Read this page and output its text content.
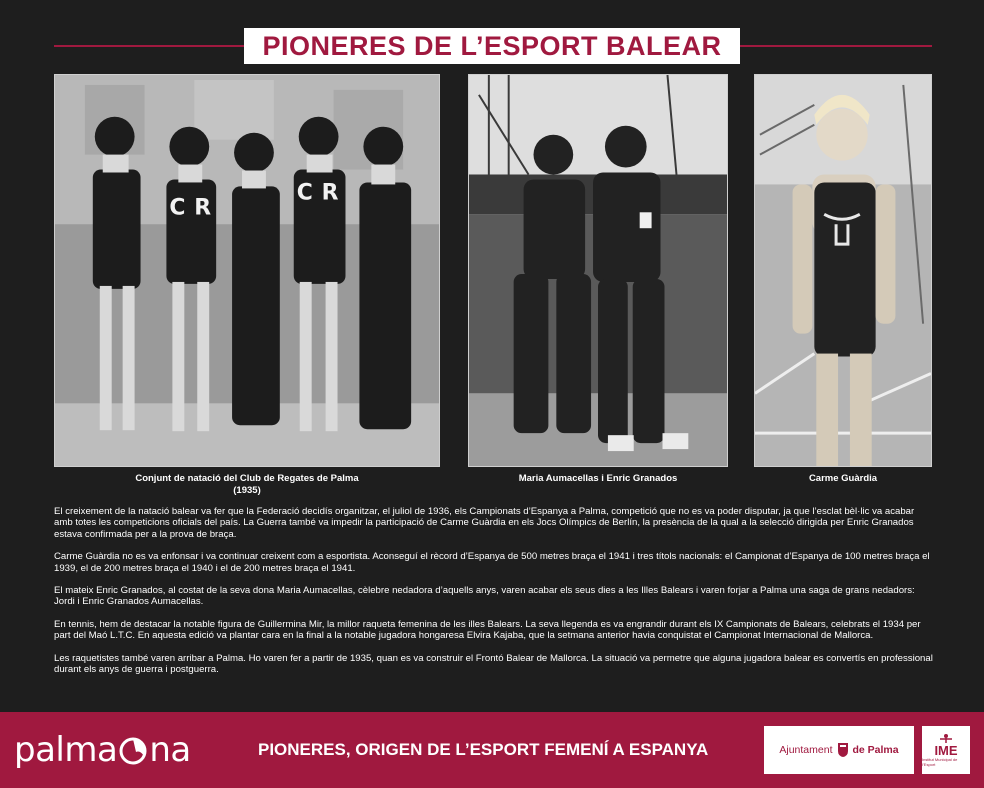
PIONERES DE L’ESPORT BALEAR
C R
C R
Conjunt de natació del Club de Regates de Palma
(1935)
Maria Aumacellas i Enric Granados	Carme Guàrdia

El creixement de la natació balear va fer que la Federació decidís organitzar, el juliol de 1936, els Campionats d’Espanya a Palma, competició que no es va poder disputar, ja que l’esclat bèl·lic va acabar amb totes les competicions oficials del país. La Guerra també va impedir la participació de Carme Guàrdia en els Jocs Olímpics de Berlín, la presència de la qual a la selecció dirigida per Enric Granados estava confirmada per a la prova de braça.

Carme Guàrdia no es va enfonsar i va continuar creixent com a esportista. Aconseguí el rècord d’Espanya de 500 metres braça el 1941 i tres títols nacionals: el Campionat d’Espanya de 100 metres braça el 1939, el de 200 metres braça el 1940 i el de 200 metres braça el 1941.

El mateix Enric Granados, al costat de la seva dona Maria Aumacellas, cèlebre nedadora d’aquells anys, varen acabar els seus dies a les Illes Balears i varen forjar a Palma una saga de grans nedadors: Jordi i Enric Granados Aumacellas.

En tennis, hem de destacar la notable figura de Guillermina Mir, la millor raqueta femenina de les illes Balears. La seva llegenda es va engrandir durant els IX Campionats de Balears, celebrats el 1934 per part del Maó L.T.C. En aquesta edició va plantar cara en la final a la notable jugadora hongaresa Elvira Kajaba, que la setmana anterior havia conquistat el Campionat Internacional de Mallorca.

Les raquetistes també varen arribar a Palma. Ho varen fer a partir de 1935, quan es va construir el Frontó Balear de Mallorca. La situació va permetre que alguna jugadora balear es convertís en professional durant els anys de guerra i postguerra.

palma na	PIONERES, ORIGEN DE L’ESPORT FEMENÍ A ESPANYA	Ajuntament de Palma	IME
Institut Municipal de l’Esport
